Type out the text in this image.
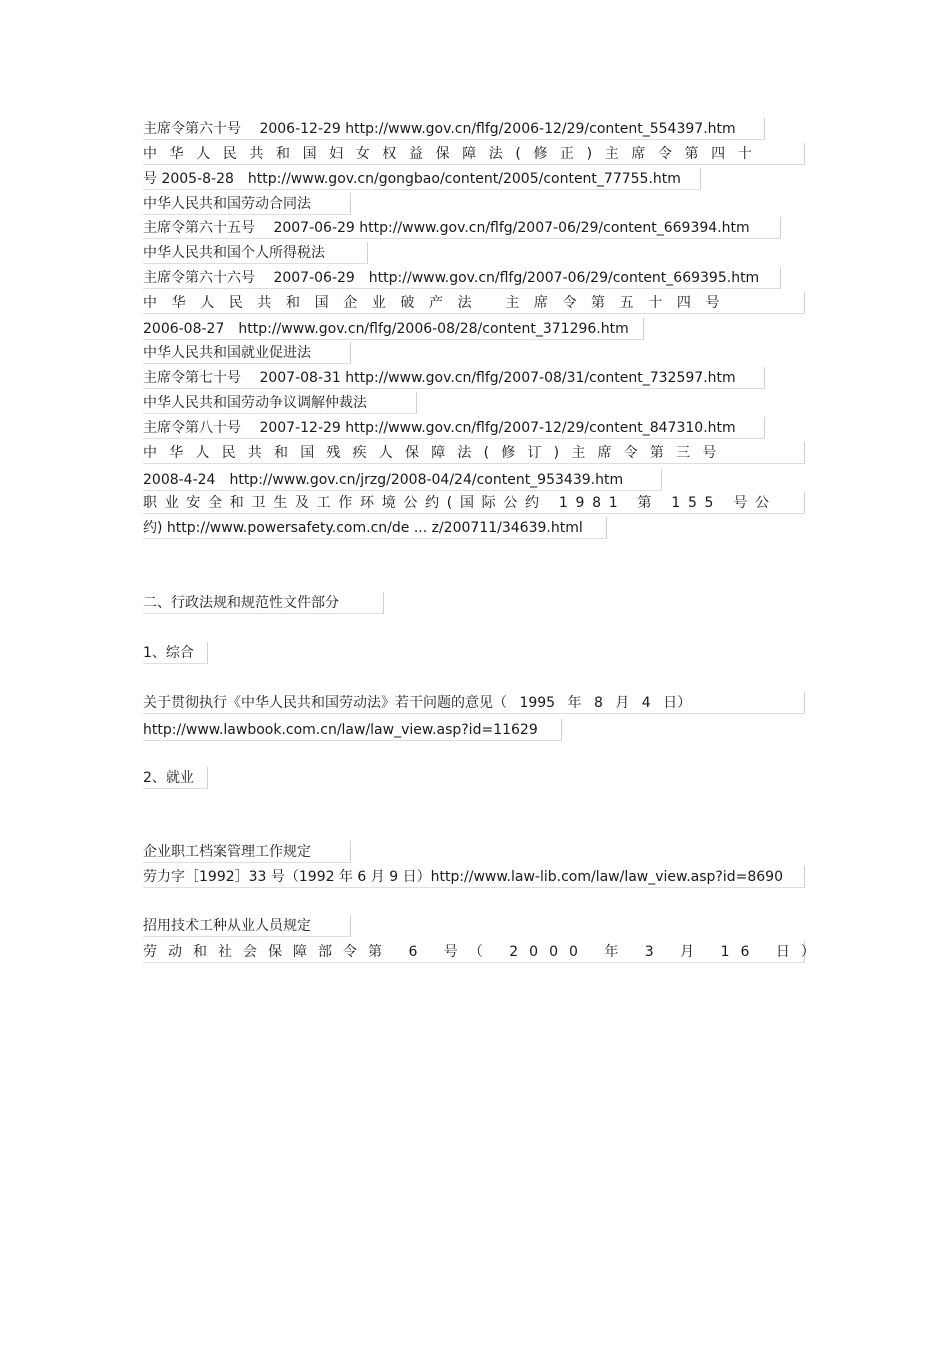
主席令第六十号　 2006-12-29 http://www.gov.cn/flfg/2006-12/29/content_554397.htm
中华人民共和国妇女权益保障法(修正)主席令第四十
号 2005-8-28　http://www.gov.cn/gongbao/content/2005/content_77755.htm
中华人民共和国劳动合同法
主席令第六十五号　 2007-06-29 http://www.gov.cn/flfg/2007-06/29/content_669394.htm
中华人民共和国个人所得税法
主席令第六十六号　 2007-06-29　http://www.gov.cn/flfg/2007-06/29/content_669395.htm
中华人民共和国企业破产法 主席令第五十四号
2006-08-27　http://www.gov.cn/flfg/2006-08/28/content_371296.htm
中华人民共和国就业促进法
主席令第七十号　 2007-08-31 http://www.gov.cn/flfg/2007-08/31/content_732597.htm
中华人民共和国劳动争议调解仲裁法
主席令第八十号　 2007-12-29 http://www.gov.cn/flfg/2007-12/29/content_847310.htm
中华人民共和国残疾人保障法(修订)主席令第三号
2008-4-24　http://www.gov.cn/jrzg/2008-04/24/content_953439.htm
职业安全和卫生及工作环境公约(国际公约 1981 第 155 号公
约) http://www.powersafety.com.cn/de ... z/200711/34639.html
二、行政法规和规范性文件部分
1、综合
关于贯彻执行《中华人民共和国劳动法》若干问题的意见（ 1995 年 8 月 4 日）
http://www.lawbook.com.cn/law/law_view.asp?id=11629
2、就业
企业职工档案管理工作规定
劳力字［1992］33 号（1992 年 6 月 9 日）http://www.law-lib.com/law/law_view.asp?id=8690
招用技术工种从业人员规定
劳动和社会保障部令第 6 号（ 2000 年 3 月 16 日）
